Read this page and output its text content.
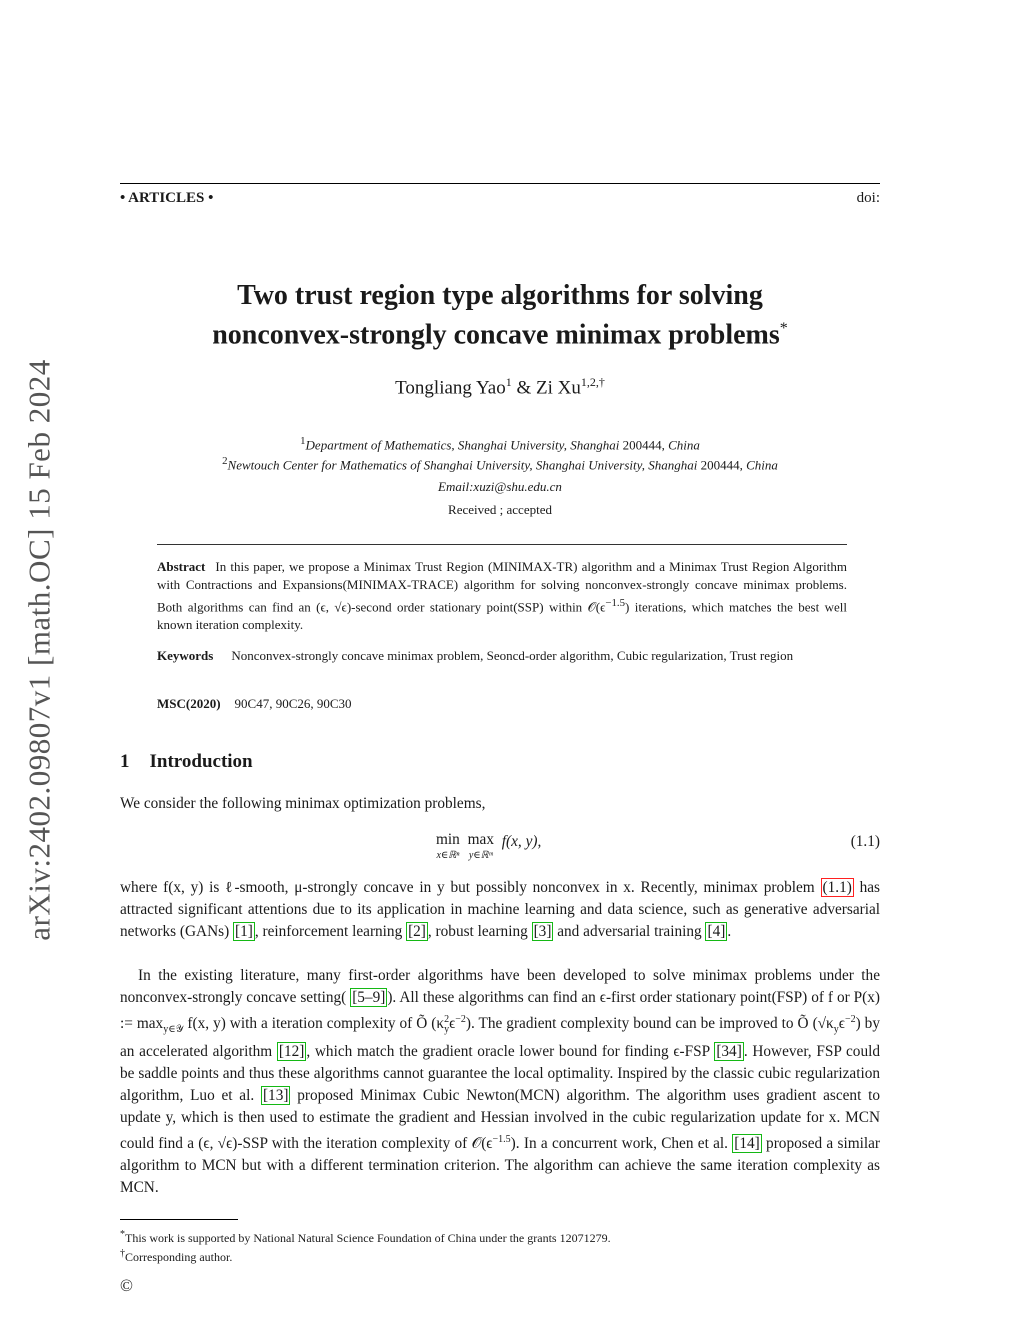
arXiv:2402.09807v1 [math.OC] 15 Feb 2024
• ARTICLES •	doi:
Two trust region type algorithms for solving
nonconvex-strongly concave minimax problems*
Tongliang Yao$^1$ & Zi $Xu^{1,2,\dagger}$
$^1$Department of Mathematics, Shanghai University, Shanghai 200444, China
$^2$Newtouch Center for Mathematics of Shanghai University, Shanghai University, Shanghai 200444, China
Email:xuzi@shu.edu.cn
Received ; accepted
Abstract In this paper, we propose a Minimax Trust Region (MINIMAX-TR) algorithm and a Minimax Trust Region Algorithm with Contractions and Expansions(MINIMAX-TRACE) algorithm for solving nonconvex-strongly concave minimax problems. Both algorithms can find an (ϵ, √ϵ)-second order stationary point(SSP) within $𝒪(\epsilon^{-1.5})$ iterations, which matches the best well known iteration complexity.
Keywords Nonconvex-strongly concave minimax problem, Seoncd-order algorithm, Cubic regularization, Trust region
MSC(2020) 90C47, 90C26, 90C30
1 Introduction
We consider the following minimax optimization problems,
min
x∈ℝⁿ max
y∈ℝᵐ f(x, y),	(1.1)
where f(x, y) is ℓ-smooth, μ-strongly concave in y but possibly nonconvex in x. Recently, minimax problem (1.1) has attracted significant attentions due to its application in machine learning and data science, such as generative adversarial networks (GANs) [1] , reinforcement learning [2] , robust learning [3] and adversarial training [4] .
In the existing literature, many first-order algorithms have been developed to solve minimax problems under the nonconvex-strongly concave setting( [5–9] ). All these algorithms can find an ϵ-first order stationary point(FSP) of f or P(x) := $\max_{y\in 𝒴} f(x$, y) with a iteration complexity of Õ $(\kappa^2_y\epsilon^{-2})$. The gradient complexity bound can be improved to Õ $(√\kappa_y\epsilon^{-2})$ by an accelerated algorithm [12] , which match the gradient oracle lower bound for finding ϵ-FSP [34] . However, FSP could be saddle points and thus these algorithms cannot guarantee the local optimality. Inspired by the classic cubic regularization algorithm, Luo et al. [13] proposed Minimax Cubic Newton(MCN) algorithm. The algorithm uses gradient ascent to update y, which is then used to estimate the gradient and Hessian involved in the cubic regularization update for x. MCN could find a (ϵ, √ϵ)-SSP with the iteration complexity of $𝒪(\epsilon^{-1.5})$. In a concurrent work, Chen et al. [14] proposed a similar algorithm to MCN but with a different termination criterion. The algorithm can achieve the same iteration complexity as MCN.
*This work is supported by National Natural Science Foundation of China under the grants 12071279.
†Corresponding author.
©
